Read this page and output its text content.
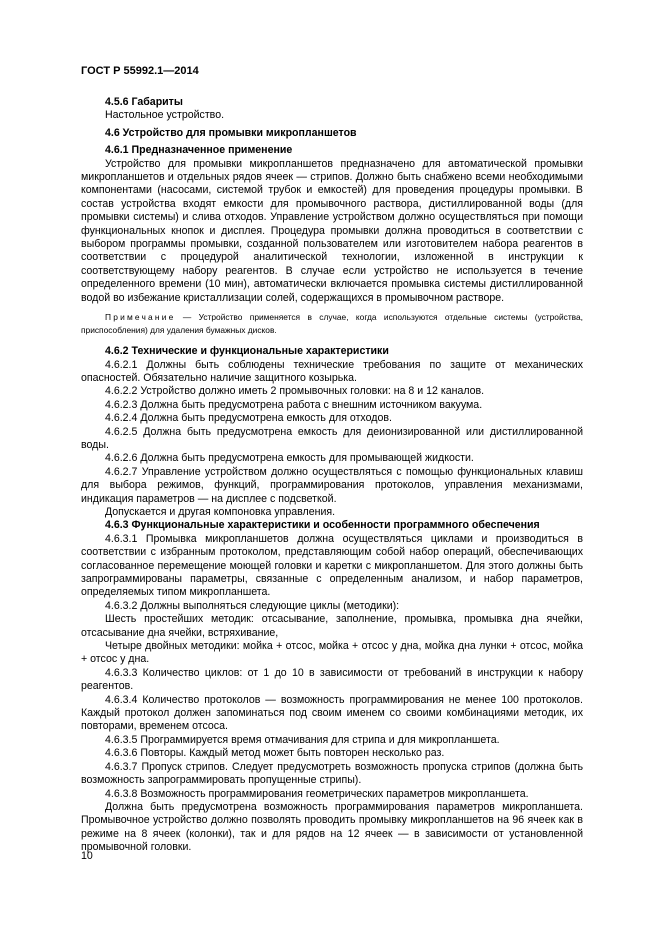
ГОСТ Р 55992.1—2014

4.5.6 Габариты

Настольное устройство.

4.6 Устройство для промывки микропланшетов
4.6.1 Предназначенное применение

Устройство для промывки микропланшетов предназначено для автоматической промывки микропланшетов и отдельных рядов ячеек — стрипов. Должно быть снабжено всеми необходимыми компонентами (насосами, системой трубок и емкостей) для проведения процедуры промывки. В состав устройства входят емкости для промывочного раствора, дистиллированной воды (для промывки системы) и слива отходов. Управление устройством должно осуществляться при помощи функциональных кнопок и дисплея. Процедура промывки должна проводиться в соответствии с выбором программы промывки, созданной пользователем или изготовителем набора реагентов в соответствии с процедурой аналитической технологии, изложенной в инструкции к соответствующему набору реагентов. В случае если устройство не используется в течение определенного времени (10 мин), автоматически включается промывка системы дистиллированной водой во избежание кристаллизации солей, содержащихся в промывочном растворе.

Примечание — Устройство применяется в случае, когда используются отдельные системы (устройства, приспособления) для удаления бумажных дисков.

4.6.2 Технические и функциональные характеристики

4.6.2.1 Должны быть соблюдены технические требования по защите от механических опасностей. Обязательно наличие защитного козырька.

4.6.2.2 Устройство должно иметь 2 промывочных головки: на 8 и 12 каналов.

4.6.2.3 Должна быть предусмотрена работа с внешним источником вакуума.

4.6.2.4 Должна быть предусмотрена емкость для отходов.

4.6.2.5 Должна быть предусмотрена емкость для деионизированной или дистиллированной воды.

4.6.2.6 Должна быть предусмотрена емкость для промывающей жидкости.

4.6.2.7 Управление устройством должно осуществляться с помощью функциональных клавиш для выбора режимов, функций, программирования протоколов, управления механизмами, индикация параметров — на дисплее с подсветкой.

Допускается и другая компоновка управления.

4.6.3 Функциональные характеристики и особенности программного обеспечения

4.6.3.1 Промывка микропланшетов должна осуществляться циклами и производиться в соответствии с избранным протоколом, представляющим собой набор операций, обеспечивающих согласованное перемещение моющей головки и каретки с микропланшетом. Для этого должны быть запрограммированы параметры, связанные с определенным анализом, и набор параметров, определяемых типом микропланшета.

4.6.3.2 Должны выполняться следующие циклы (методики):

Шесть простейших методик: отсасывание, заполнение, промывка, промывка дна ячейки, отсасывание дна ячейки, встряхивание,

Четыре двойных методики: мойка + отсос, мойка + отсос у дна, мойка дна лунки + отсос, мойка + отсос у дна.

4.6.3.3 Количество циклов: от 1 до 10 в зависимости от требований в инструкции к набору реагентов.

4.6.3.4 Количество протоколов — возможность программирования не менее 100 протоколов. Каждый протокол должен запоминаться под своим именем со своими комбинациями методик, их повторами, временем отсоса.

4.6.3.5 Программируется время отмачивания для стрипа и для микропланшета.

4.6.3.6 Повторы. Каждый метод может быть повторен несколько раз.

4.6.3.7 Пропуск стрипов. Следует предусмотреть возможность пропуска стрипов (должна быть возможность запрограммировать пропущенные стрипы).

4.6.3.8 Возможность программирования геометрических параметров микропланшета.

Должна быть предусмотрена возможность программирования параметров микропланшета. Промывочное устройство должно позволять проводить промывку микропланшетов на 96 ячеек как в режиме на 8 ячеек (колонки), так и для рядов на 12 ячеек — в зависимости от установленной промывочной головки.

10
